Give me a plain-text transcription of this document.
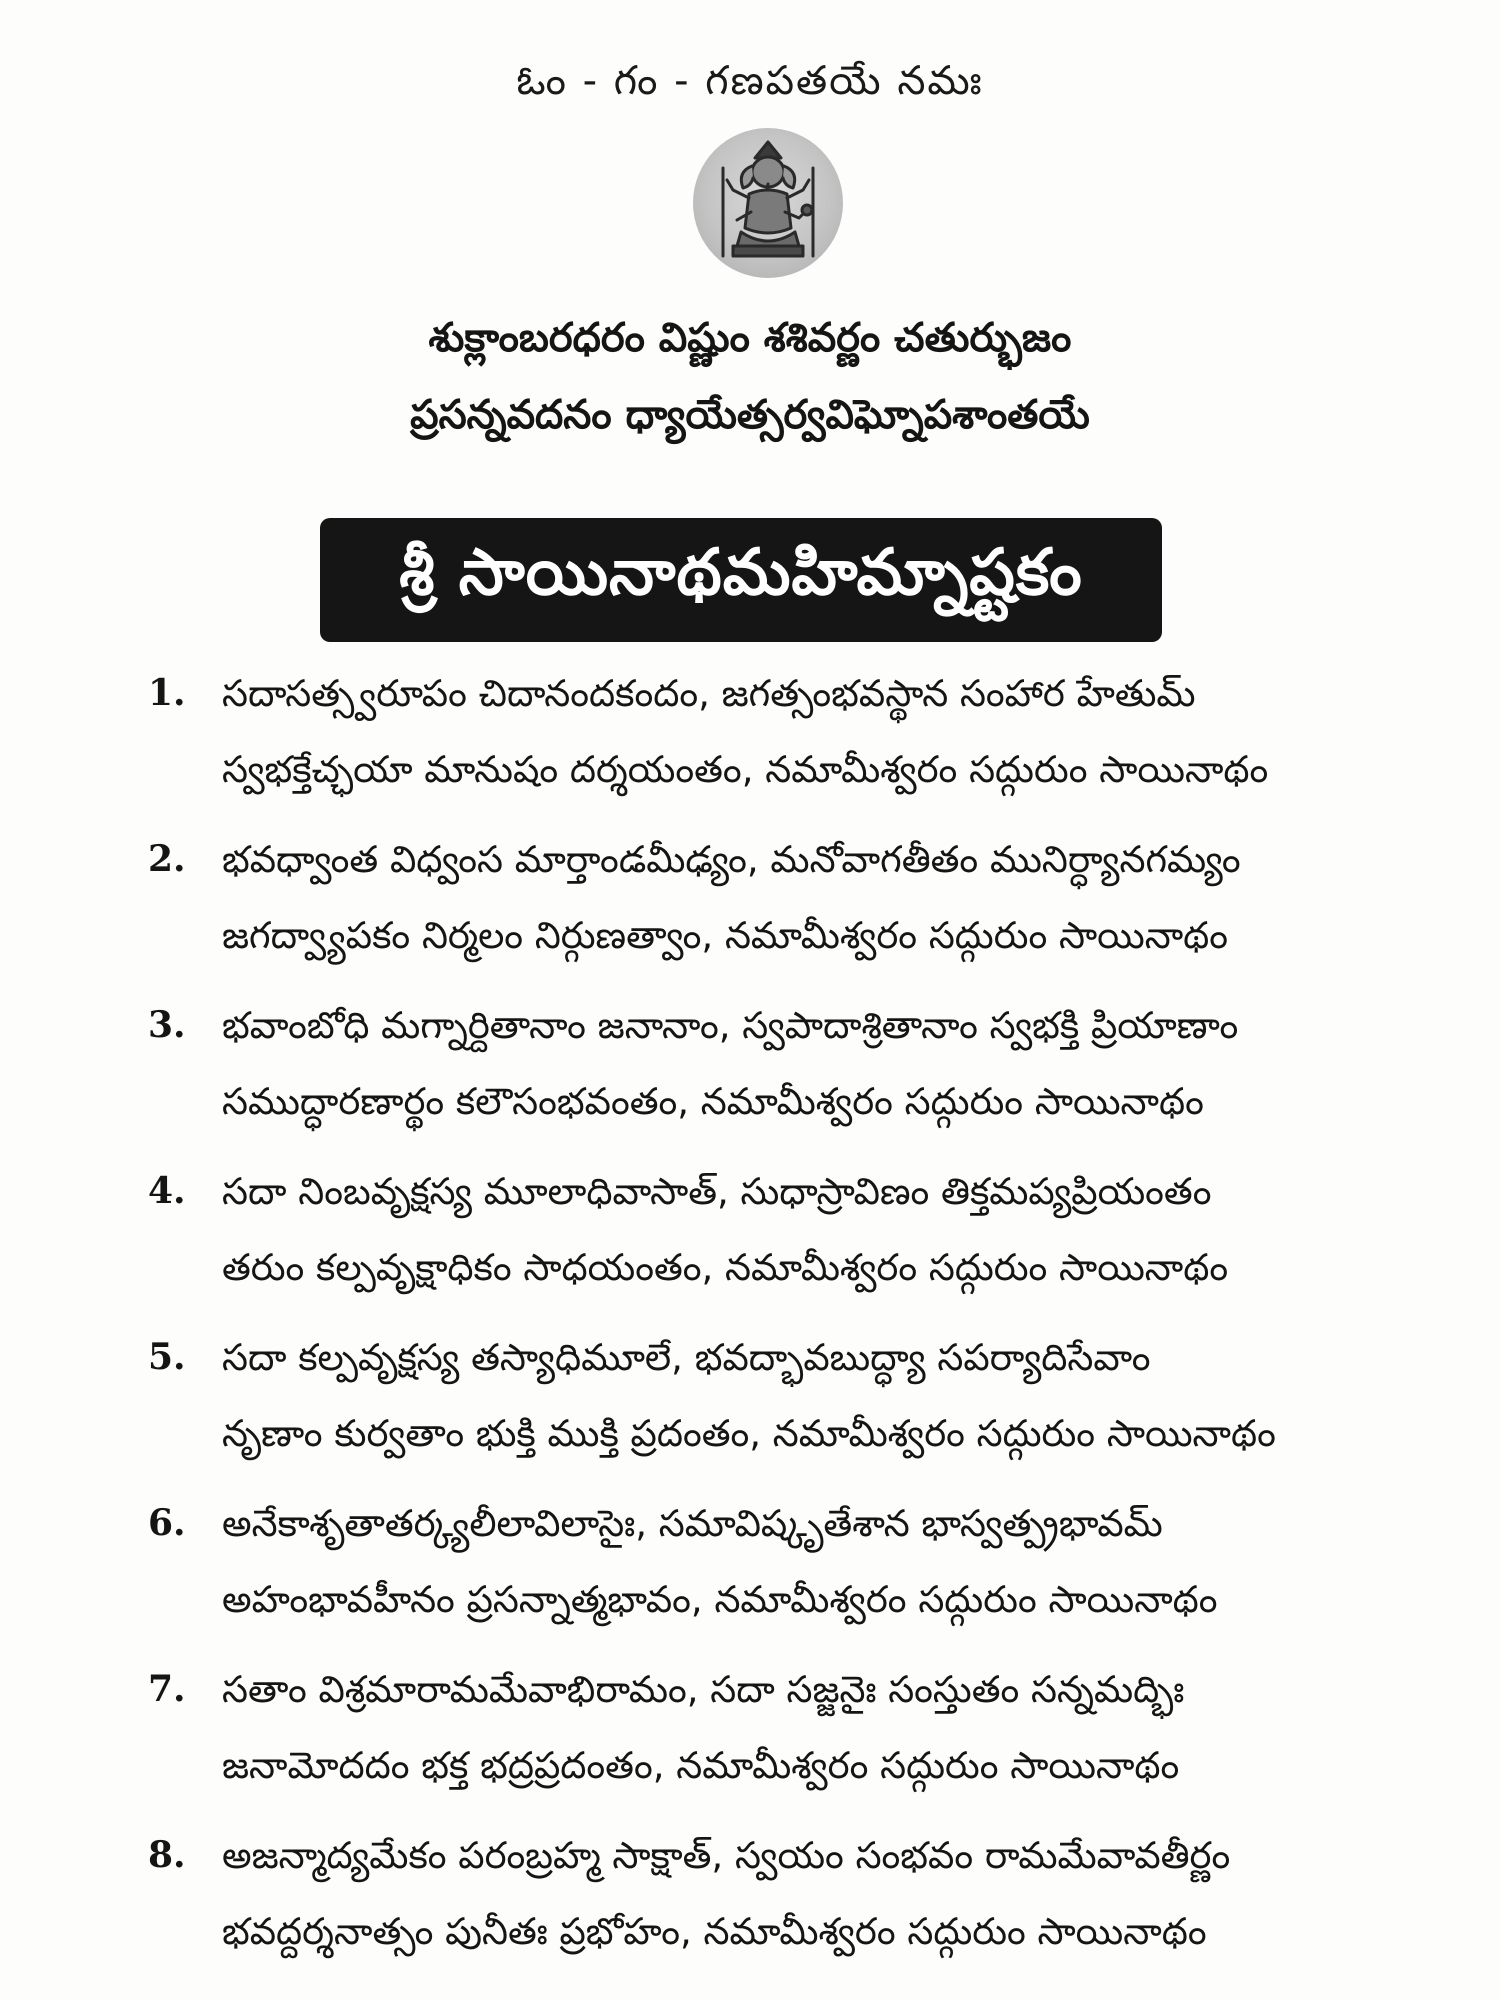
ఓం - గం - గణపతయే నమః
శుక్లాంబరధరం విష్ణుం శశివర్ణం చతుర్భుజం
ప్రసన్నవదనం ధ్యాయేత్సర్వవిఘ్నోపశాంతయే
శ్రీ సాయినాథమహిమ్నాష్టకం
1. సదాసత్స్వరూపం చిదానందకందం, జగత్సంభవస్థాన సంహార హేతుమ్
స్వభక్తేచ్ఛయా మానుషం దర్శయంతం, నమామీశ్వరం సద్గురుం సాయినాథం
2. భవధ్వాంత విధ్వంస మార్తాండమీఢ్యం, మనోవాగతీతం మునిర్ధ్యానగమ్యం
జగద్వ్యాపకం నిర్మలం నిర్గుణత్వాం, నమామీశ్వరం సద్గురుం సాయినాథం
3. భవాంబోధి మగ్నార్దితానాం జనానాం, స్వపాదాశ్రితానాం స్వభక్తి ప్రియాణాం
సముద్ధారణార్థం కలౌసంభవంతం, నమామీశ్వరం సద్గురుం సాయినాథం
4. సదా నింబవృక్షస్య మూలాధివాసాత్, సుధాస్రావిణం తిక్తమప్యప్రియంతం
తరుం కల్పవృక్షాధికం సాధయంతం, నమామీశ్వరం సద్గురుం సాయినాథం
5. సదా కల్పవృక్షస్య తస్యాధిమూలే, భవద్భావబుద్ధ్యా సపర్యాదిసేవాం
నృణాం కుర్వతాం భుక్తి ముక్తి ప్రదంతం, నమామీశ్వరం సద్గురుం సాయినాథం
6. అనేకాశృతాతర్క్యలీలావిలాసైః, సమావిష్కృతేశాన భాస్వత్ప్రభావమ్
అహంభావహీనం ప్రసన్నాత్మభావం, నమామీశ్వరం సద్గురుం సాయినాథం
7. సతాం విశ్రమారామమేవాభిరామం, సదా సజ్జనైః సంస్తుతం సన్నమద్భిః
జనామోదదం భక్త భద్రప్రదంతం, నమామీశ్వరం సద్గురుం సాయినాథం
8. అజన్మాద్యమేకం పరంబ్రహ్మ సాక్షాత్, స్వయం సంభవం రామమేవావతీర్ణం
భవద్దర్శనాత్సం పునీతః ప్రభోహం, నమామీశ్వరం సద్గురుం సాయినాథం
